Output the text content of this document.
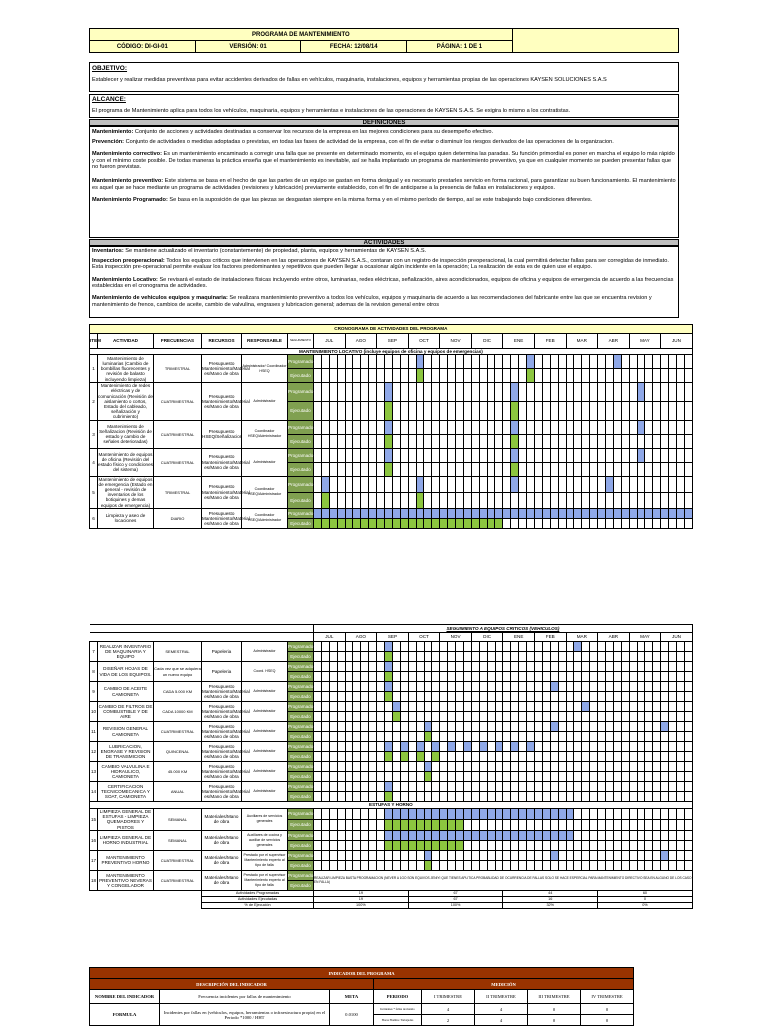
PROGRAMA DE MANTENIMIENTO				
CÓDIGO: DI-GI-01	VERSIÓN: 01	FECHA: 12/08/14	PÁGINA: 1 DE 1	
OBJETIVO:
Establecer y realizar medidas preventivas para evitar accidentes derivados de fallas en vehículos, maquinaria, instalaciones, equipos y herramientas propias de las operaciones KAYSEN SOLUCIONES S.A.S
ALCANCE:
El programa de Mantenimiento aplica para todos los vehículos, maquinaria, equipos y herramientas e instalaciones de las operaciones de KAYSEN S.A.S. Se exigira lo mismo a los contratistas.
DEFINICIONES

Mantenimiento: Conjunto de acciones y actividades destinadas a conservar los recursos de la empresa en las mejores condiciones para su desempeño efectivo.

Prevención: Conjunto de actividades o medidas adoptadas o previstas, en todas las fases de actividad de la empresa, con el fin de evitar o disminuir los riesgos derivados de las operaciones de la organizacion.

Mantenimiento correctivo: Es un mantenimiento encaminado a corregir una falla que se presente en determinado momento, es el equipo quien determina las paradas. Su función primordial es poner en marcha el equipo lo más rápido y con el mínimo coste posible. De todas maneras la práctica enseña que el mantenimiento es inevitable, así se halla implantado un programa de mantenimiento preventivo, ya que en cualquier momento se pueden presentar fallas que no fueron previstas.

Mantenimiento preventivo: Este sistema se basa en el hecho de que las partes de un equipo se gastan en forma desigual y es necesario prestarles servicio en forma racional, para garantizar su buen funcionamiento. El mantenimiento es aquel que se hace mediante un programa de actividades (revisiones y lubricación) previamente establecido, con el fin de anticiparse a la presencia de fallas en instalaciones y equipos.

Mantenimiento Programado: Se basa en la suposición de que las piezas se desgastan siempre en la misma forma y en el mismo período de tiempo, así se este trabajando bajo condiciones diferentes.

ACTIVIDADES

Inventarios: Se mantiene actualizado el inventario (constantemente) de propiedad, planta, equipos y herramientas de KAYSEN S.A.S.

Inspeccion preoperacional: Todos los equipos criticos que intervienen en las operaciones de KAYSEN S.A.S., contaran con un registro de inspección preoperacional, la cual permitirá detectar fallas para ser corregidas de inmediato. Esta inspección pre-operacional permite evaluar los factores predominantes y repetitivos que pueden llegar a ocasionar algún incidente en la operación; La realización de esta es de quien use el equipo.

Mantenimiento Locativo: Se revisará el estado de instalaciones físicas incluyendo entre otros, luminarias, redes eléctricas, señalización, aires acondicionados, equipos de oficina y equipos de emergencia de acuerdo a las frecuencias establecidas en el cronograma de actividades.

Mantenimiento de vehiculos equipos y maquinaria: Se realizara mantenimiento preventivo a todos los vehículos, equipos y maquinaria de acuerdo a las recomendaciones del fabricante entre las que se encuentra revision y mantenimiento de frenos, cambios de aceite, cambio de valvulina, engrases y lubricacion general; ademas de la revision general entre otros

CRONOGRAMA DE ACTIVIDADES DEL PROGRAMA																																																					
ITEM	ACTIVIDAD	FRECUENCIAS	RECURSOS	RESPONSABLE	SEGUIMIENTO	JUL				AGO				SEP				OCT				NOV				DIC				ENE				FEB				MAR				ABR				MAY				JUN			
MANTENIMIENTO LOCATIVO (incluye equipos de oficina y equipos de emergencias)																																																					
1	Mantenimiento de luminarias (Cambio de bombillas fluorecentes y revisión de balasto incluyendo limpieza)	TRIMESTRAL	Presupuesto Mantenimiento/Material es/Mano de obra	Administrador/ Coordinador HSEQ	Programado																																																
					Ejecutado																																																
2	Mantenimiento de redes eléctricas y de comunicación (Revisión de aislamiento o cortos, Estado del cableado, señalización y cubrimiento)	CUATRIMESTRAL	Presupuesto Mantenimiento/Material es/Mano de obra	Administrador	Programado																																																
					Ejecutado																																																
3	Mantenimiento de Señalizacion (Revisión de estado y cambio de señales deterioradas)	CUATRIMESTRAL	Presupuesto HSEQ/Señalizacion	Coordinador HSEQ/Administrador	Programado																																																
					Ejecutado																																																
4	Mantenimiento de equipos de oficina (Revisión del estado físico y condiciones del sistema)	CUATRIMESTRAL	Presupuesto Mantenimiento/Material es/Mano de obra	Administrador	Programado																																																
					Ejecutado																																																
5	Mantenimiento de equipos de emergencia (Estado en general - revisión de inventarios de los botiquines y demas equipos de emergencia)	TRIMESTRAL	Presupuesto Mantenimiento/Material es/Mano de obra	Coordinador HSEQ/Administrador	Programado																																																
					Ejecutado																																																
6	Limpieza y aseo de locaciones	DIARIO	Presupuesto Mantenimiento/Material es/Mano de obra	Coordinador HSEQ/Administrador	Programado																																																
					Ejecutado																																																
						SEGUIMIENTO A EQUIPOS CRITICOS (VEHICULOS)																																															
						JUL				AGO				SEP				OCT				NOV				DIC				ENE				FEB				MAR				ABR				MAY				JUN			
7	REALIZAR INVENTARIO DE MAQUINARIA Y EQUIPO	SEMESTRAL	Papeleria	Administrador	Programado																																																
					Ejecutado																																																
8	DISEÑAR HOJAS DE VIDA DE LOS EQUIPOS.	Cada vez que se adquiera un nuevo equipo	Papeleria	Coord. HSEQ	Programado																																																
					Ejecutado																																																
9	CAMBIO DE ACEITE CAMIONETA	CADA 5.000 KM	Presupuesto Mantenimiento/Material es/Mano de obra	Administrador	Programado																																																
					Ejecutado																																																
10	CAMBIO DE FILTROS DE COMBUSTIBLE Y DE AIRE	CADA 10000 KM	Presupuesto Mantenimiento/Material es/Mano de obra	Administrador	Programado																																																
					Ejecutado																																																
11	REVISION GENERAL CAMIONETA	CUATRIMESTRAL	Presupuesto Mantenimiento/Material es/Mano de obra	Administrador	Programado																																																
					Ejecutado																																																
12	LUBRICACION, ENGRASE Y REVISION DE TRANSMICION	QUINCENAL	Presupuesto Mantenimiento/Material es/Mano de obra	Administrador	Programado																																																
					Ejecutado																																																
13	CAMBIO VALVULINA E HIDRAULICO, CAMIONETA	45.000 KM	Presupuesto Mantenimiento/Material es/Mano de obra	Administrador	Programado																																																
					Ejecutado																																																
14	CERTIFICACION TECNICOMECANICA Y SOAT, CAMIONETA	ANUAL	Presupuesto Mantenimiento/Material es/Mano de obra	Administrador	Programado																																																
					Ejecutado																																																
ESTUFAS Y HORNO																																																					
15	LIMPIEZA GENERAL DE ESTUFAS - LIMPIEZA QUEMADORES Y PISTOS	SEMANAL	Materiales/Mano de obra	Auxiliares de servicios generales	Programado																																																
					Ejecutado																																																
16	LIMPIEZA GENERAL DE HORNO INDUSTRIAL	SEMANAL	Materiales/Mano de obra	Auxiliares de cocina y auxiliar de servicios generales	Programado																																																
					Ejecutado																																																
17	MANTENIMIENTO PREVENTIVO HORNO	CUATRIMESTRAL	Materiales/Mano de obra	Prestado por el supervisor Mantenimiento experto al tipo de falla	Programado																																																
					Ejecutado																																																
18	MANTENIMIENTO PREVENTIVO NEVERAS Y CONGELADOR	CUATRIMESTRAL	Materiales/Mano de obra	Prestado por el supervisor Mantenimiento experto al tipo de falla	Programado	REALIZAR LIMPIEZA BASTA PROGRAMACION (NEVER A 1GO SON EQUIVOS JENIYI QUE TIENES APLITICA PROBABLIDAD DE OCURRENCIA DE FALLAS SOLO SE HACE ESPERCIAL PARA MANTENIMIENTO DIRECTIVO SEA EN ALGUNO DE LOS CASO EN FALLA)																																															
					Ejecutado																																																
			Actividades Programadas			19												67												44												60											
			Actividades Ejecutadas			19												67												16												0											
			% de Ejecución			100%												100%												32%												0%											
INDICADOR DEL PROGRAMA							
DESCRIPCIÓN DEL INDICADOR			MEDICIÓN				
NOMBRE DEL INDICADOR	Frecuencia incidentes por fallas de mantenimiento	META	PERIODO	I TRIMESTRE	II TRIMESTRE	III TRIMESTRE	IV TRIMESTRE
FORMULA	Incidentes por fallas en (vehículos, equipos, herramientas o infraestructura propia) en el Periodo *1000 / HHT	0.0100	Incidentes * fallas de mantto	4	4	0	0
			Horas Hombre Trabajadas	2	4	0	0
